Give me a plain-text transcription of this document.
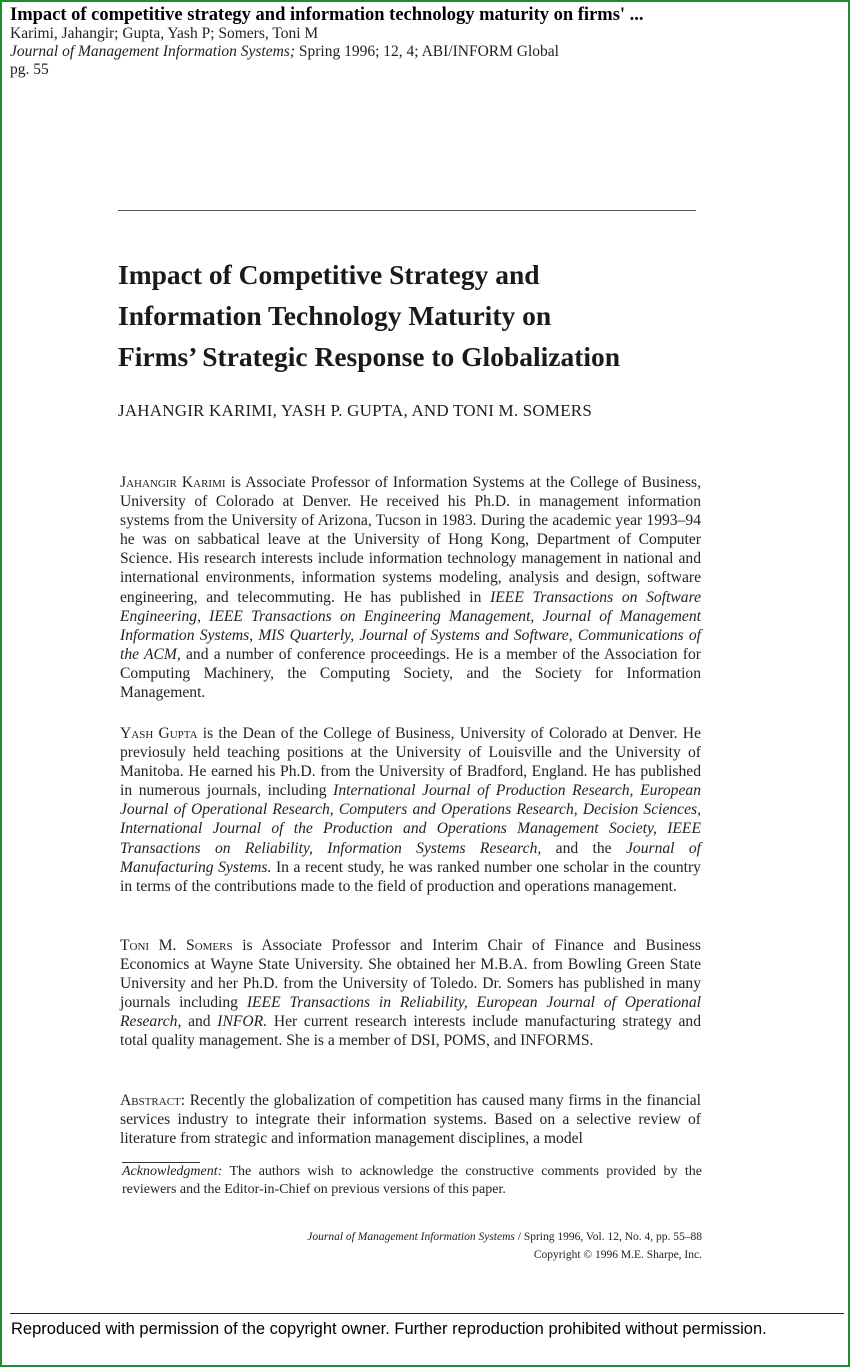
Impact of competitive strategy and information technology maturity on firms' ...
Karimi, Jahangir; Gupta, Yash P; Somers, Toni M
Journal of Management Information Systems; Spring 1996; 12, 4; ABI/INFORM Global
pg. 55
Impact of Competitive Strategy and
Information Technology Maturity on
Firms’ Strategic Response to Globalization
JAHANGIR KARIMI, YASH P. GUPTA, AND TONI M. SOMERS
Jahangir Karimi is Associate Professor of Information Systems at the College of Business, University of Colorado at Denver. He received his Ph.D. in management information systems from the University of Arizona, Tucson in 1983. During the academic year 1993–94 he was on sabbatical leave at the University of Hong Kong, Department of Computer Science. His research interests include information technology management in national and international environments, information systems modeling, analysis and design, software engineering, and telecommuting. He has published in IEEE Transactions on Software Engineering, IEEE Transactions on Engineering Management, Journal of Management Information Systems, MIS Quarterly, Journal of Systems and Software, Communications of the ACM, and a number of conference proceedings. He is a member of the Association for Computing Machinery, the Computing Society, and the Society for Information Management.
Yash Gupta is the Dean of the College of Business, University of Colorado at Denver. He previosuly held teaching positions at the University of Louisville and the University of Manitoba. He earned his Ph.D. from the University of Bradford, England. He has published in numerous journals, including International Journal of Production Research, European Journal of Operational Research, Computers and Operations Research, Decision Sciences, International Journal of the Production and Operations Management Society, IEEE Transactions on Reliability, Information Systems Research, and the Journal of Manufacturing Systems. In a recent study, he was ranked number one scholar in the country in terms of the contributions made to the field of production and operations management.
Toni M. Somers is Associate Professor and Interim Chair of Finance and Business Economics at Wayne State University. She obtained her M.B.A. from Bowling Green State University and her Ph.D. from the University of Toledo. Dr. Somers has published in many journals including IEEE Transactions in Reliability, European Journal of Operational Research, and INFOR. Her current research interests include manufacturing strategy and total quality management. She is a member of DSI, POMS, and INFORMS.
Abstract: Recently the globalization of competition has caused many firms in the financial services industry to integrate their information systems. Based on a selective review of literature from strategic and information management disciplines, a model
Acknowledgment: The authors wish to acknowledge the constructive comments provided by the reviewers and the Editor-in-Chief on previous versions of this paper.
Journal of Management Information Systems / Spring 1996, Vol. 12, No. 4, pp. 55–88
Copyright © 1996 M.E. Sharpe, Inc.
Reproduced with permission of the copyright owner. Further reproduction prohibited without permission.
